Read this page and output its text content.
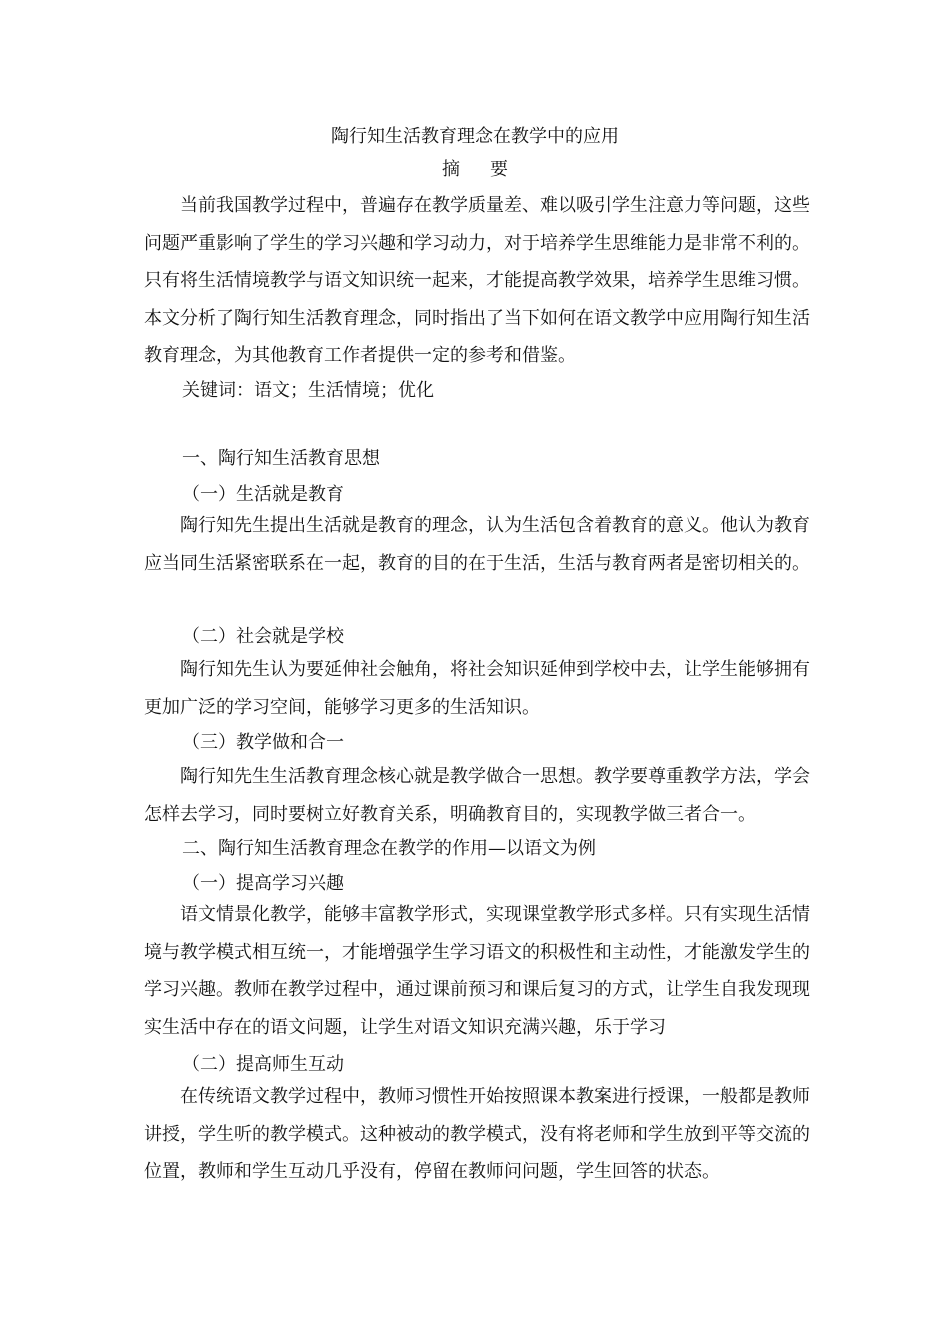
陶行知生活教育理念在教学中的应用
摘要
当前我国教学过程中，普遍存在教学质量差、难以吸引学生注意力等问题，这些问题严重影响了学生的学习兴趣和学习动力，对于培养学生思维能力是非常不利的。只有将生活情境教学与语文知识统一起来，才能提高教学效果，培养学生思维习惯。本文分析了陶行知生活教育理念，同时指出了当下如何在语文教学中应用陶行知生活教育理念，为其他教育工作者提供一定的参考和借鉴。
关键词：语文；生活情境；优化
一、陶行知生活教育思想
（一）生活就是教育
陶行知先生提出生活就是教育的理念，认为生活包含着教育的意义。他认为教育应当同生活紧密联系在一起，教育的目的在于生活，生活与教育两者是密切相关的。
（二）社会就是学校
陶行知先生认为要延伸社会触角，将社会知识延伸到学校中去，让学生能够拥有更加广泛的学习空间，能够学习更多的生活知识。
（三）教学做和合一
陶行知先生生活教育理念核心就是教学做合一思想。教学要尊重教学方法，学会怎样去学习，同时要树立好教育关系，明确教育目的，实现教学做三者合一。
二、陶行知生活教育理念在教学的作用—以语文为例
（一）提高学习兴趣
语文情景化教学，能够丰富教学形式，实现课堂教学形式多样。只有实现生活情境与教学模式相互统一，才能增强学生学习语文的积极性和主动性，才能激发学生的学习兴趣。教师在教学过程中，通过课前预习和课后复习的方式，让学生自我发现现实生活中存在的语文问题，让学生对语文知识充满兴趣，乐于学习
（二）提高师生互动
在传统语文教学过程中，教师习惯性开始按照课本教案进行授课，一般都是教师讲授，学生听的教学模式。这种被动的教学模式，没有将老师和学生放到平等交流的位置，教师和学生互动几乎没有，停留在教师问问题，学生回答的状态。
